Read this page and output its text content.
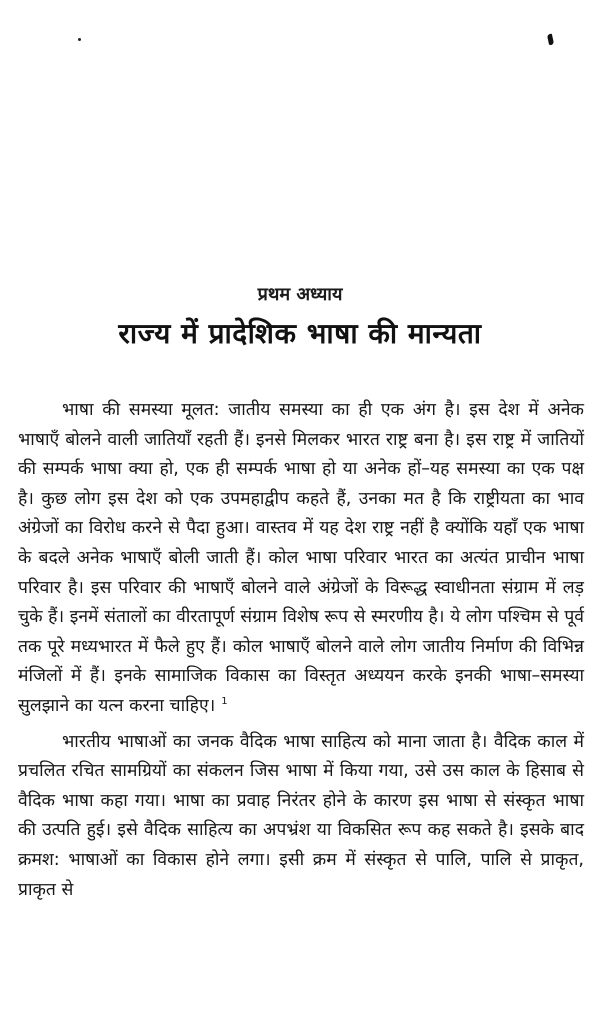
प्रथम अध्याय
राज्य में प्रादेशिक भाषा की मान्यता

भाषा की समस्या मूलत: जातीय समस्या का ही एक अंग है। इस देश में अनेक भाषाएँ बोलने वाली जातियाँ रहती हैं। इनसे मिलकर भारत राष्ट्र बना है। इस राष्ट्र में जातियों की सम्पर्क भाषा क्या हो, एक ही सम्पर्क भाषा हो या अनेक हों–यह समस्या का एक पक्ष है। कुछ लोग इस देश को एक उपमहाद्वीप कहते हैं, उनका मत है कि राष्ट्रीयता का भाव अंग्रेजों का विरोध करने से पैदा हुआ। वास्तव में यह देश राष्ट्र नहीं है क्योंकि यहाँ एक भाषा के बदले अनेक भाषाएँ बोली जाती हैं। कोल भाषा परिवार भारत का अत्यंत प्राचीन भाषा परिवार है। इस परिवार की भाषाएँ बोलने वाले अंग्रेजों के विरूद्ध स्वाधीनता संग्राम में लड़ चुके हैं। इनमें संतालों का वीरतापूर्ण संग्राम विशेष रूप से स्मरणीय है। ये लोग पश्चिम से पूर्व तक पूरे मध्यभारत में फैले हुए हैं। कोल भाषाएँ बोलने वाले लोग जातीय निर्माण की विभिन्न मंजिलों में हैं। इनके सामाजिक विकास का विस्तृत अध्ययन करके इनकी भाषा–समस्या सुलझाने का यत्न करना चाहिए। $^1$

भारतीय भाषाओं का जनक वैदिक भाषा साहित्य को माना जाता है। वैदिक काल में प्रचलित रचित सामग्रियों का संकलन जिस भाषा में किया गया, उसे उस काल के हिसाब से वैदिक भाषा कहा गया। भाषा का प्रवाह निरंतर होने के कारण इस भाषा से संस्कृत भाषा की उत्पति हुई। इसे वैदिक साहित्य का अपभ्रंश या विकसित रूप कह सकते है। इसके बाद क्रमश: भाषाओं का विकास होने लगा। इसी क्रम में संस्कृत से पालि, पालि से प्राकृत, प्राकृत से
